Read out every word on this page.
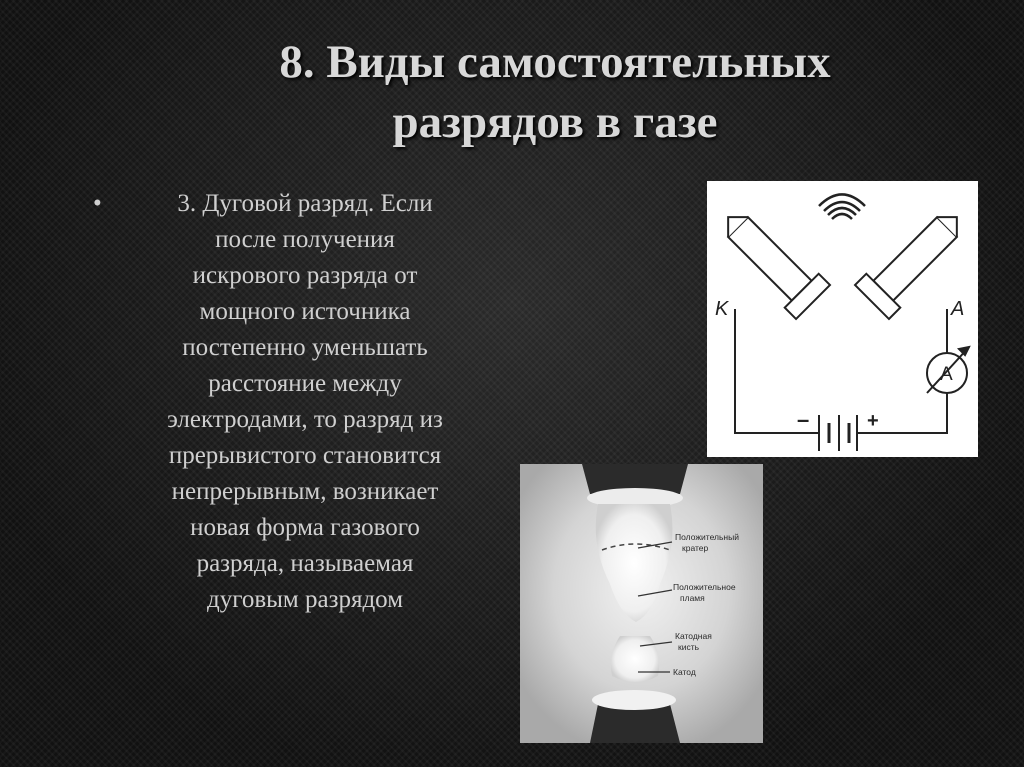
8. Виды самостоятельных
разрядов в газе
•	3. Дуговой разряд. Если
после получения
искрового разряда от
мощного источника
постепенно уменьшать
расстояние между
электродами, то разряд из
прерывистого становится
непрерывным, возникает
новая форма газового
разряда, называемая
дуговым разрядом
K	A
A
–	+
Положительный
кратер
Положительное
пламя
Катодная
кисть
Катод
